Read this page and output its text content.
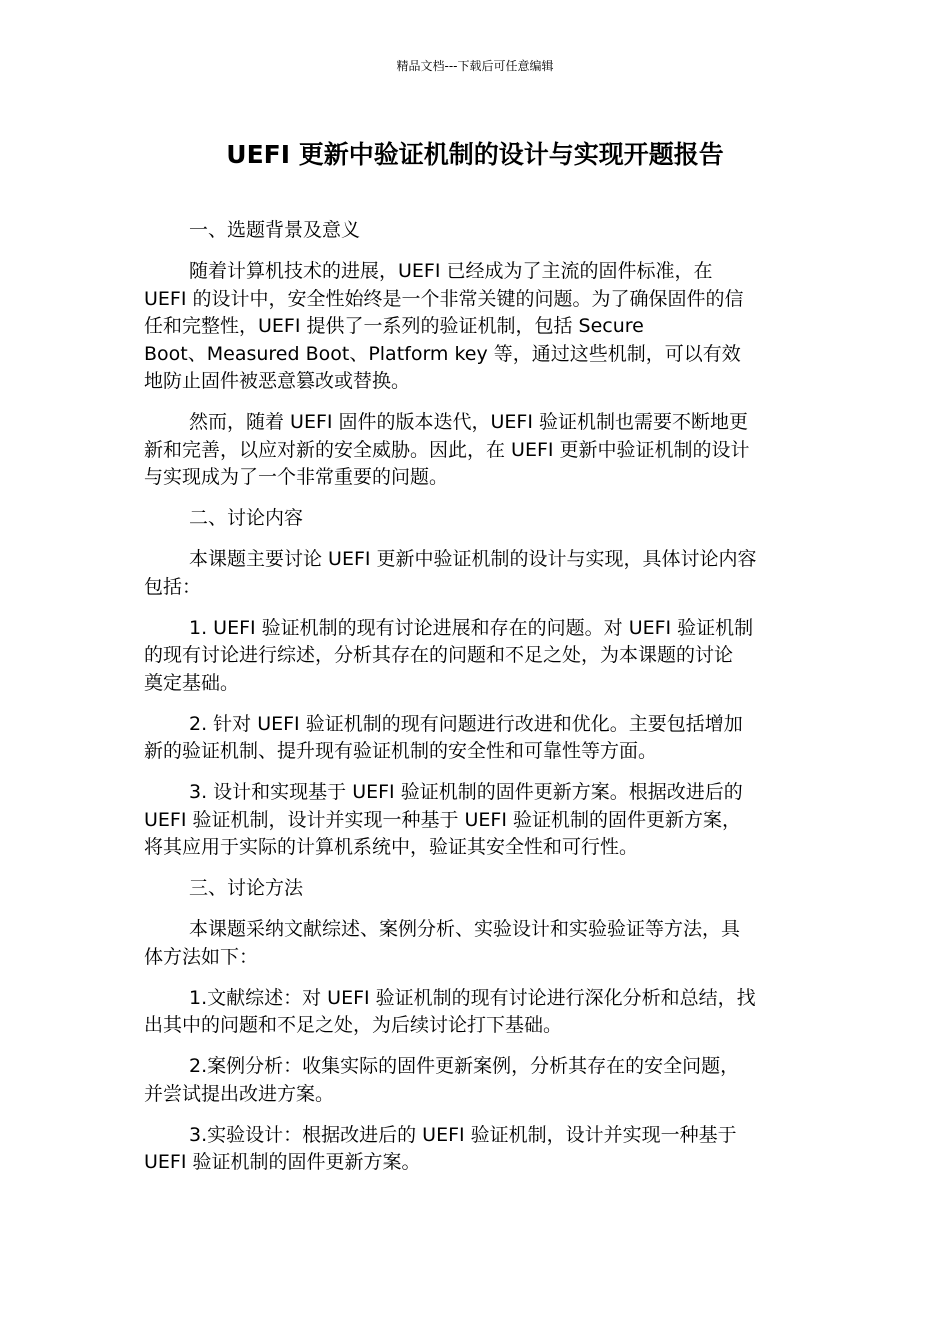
精品文档---下载后可任意编辑
UEFI 更新中验证机制的设计与实现开题报告

一、选题背景及意义

随着计算机技术的进展，UEFI 已经成为了主流的固件标准，在
UEFI 的设计中，安全性始终是一个非常关键的问题。为了确保固件的信
任和完整性，UEFI 提供了一系列的验证机制，包括 Secure
Boot、Measured Boot、Platform key 等，通过这些机制，可以有效
地防止固件被恶意篡改或替换。

然而，随着 UEFI 固件的版本迭代，UEFI 验证机制也需要不断地更
新和完善，以应对新的安全威胁。因此，在 UEFI 更新中验证机制的设计
与实现成为了一个非常重要的问题。

二、讨论内容

本课题主要讨论 UEFI 更新中验证机制的设计与实现，具体讨论内容
包括：

1. UEFI 验证机制的现有讨论进展和存在的问题。对 UEFI 验证机制
的现有讨论进行综述，分析其存在的问题和不足之处，为本课题的讨论
奠定基础。

2. 针对 UEFI 验证机制的现有问题进行改进和优化。主要包括增加
新的验证机制、提升现有验证机制的安全性和可靠性等方面。

3. 设计和实现基于 UEFI 验证机制的固件更新方案。根据改进后的
UEFI 验证机制，设计并实现一种基于 UEFI 验证机制的固件更新方案，
将其应用于实际的计算机系统中，验证其安全性和可行性。

三、讨论方法

本课题采纳文献综述、案例分析、实验设计和实验验证等方法，具
体方法如下：

1.文献综述：对 UEFI 验证机制的现有讨论进行深化分析和总结，找
出其中的问题和不足之处，为后续讨论打下基础。

2.案例分析：收集实际的固件更新案例，分析其存在的安全问题，
并尝试提出改进方案。

3.实验设计：根据改进后的 UEFI 验证机制，设计并实现一种基于
UEFI 验证机制的固件更新方案。
